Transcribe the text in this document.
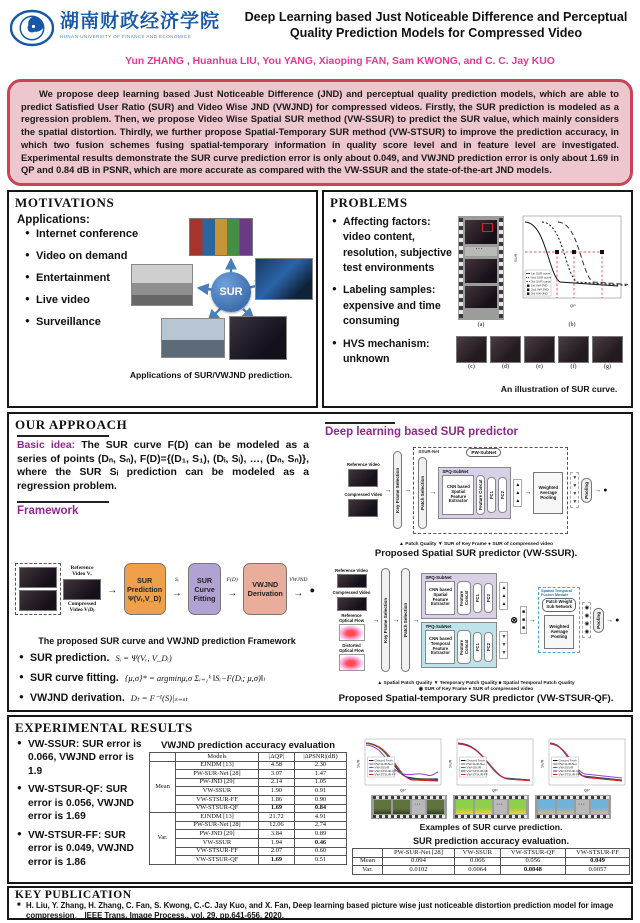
湖南财政经济学院
HUNAN UNIVERSITY OF FINANCE AND ECONOMICS
Deep Learning based Just Noticeable Difference and Perceptual Quality Prediction Models for Compressed Video
Yun ZHANG , Huanhua LIU, You YANG, Xiaoping FAN, Sam KWONG, and C. C. Jay KUO

We propose deep learning based Just Noticeable Difference (JND) and perceptual quality prediction models, which are able to predict Satisfied User Ratio (SUR) and Video Wise JND (VWJND) for compressed videos. Firstly, the SUR prediction is modeled as a regression problem. Then, we propose Video Wise Spatial SUR method (VW-SSUR) to predict the SUR value, which mainly considers the spatial distortion. Thirdly, we further propose Spatial-Temporary SUR method (VW-STSUR) to improve the prediction accuracy, in which two fusion schemes fusing spatial-temporary information in quality score level and in feature level are investigated. Experimental results demonstrate the SUR curve prediction error is only about 0.049, and VWJND prediction error is only about 1.69 in QP and 0.84 dB in PSNR, which are more accurate as compared with the VW-SSUR and the state-of-the-art JND models.

MOTIVATIONS
Applications:
● Internet conference
● Video on demand
● Entertainment
● Live video
● Surveillance
SUR
Applications of SUR/VWJND prediction.
PROBLEMS
● Affecting factors: video content, resolution, subjective test environments
● Labeling samples: expensive and time consuming
● HVS mechanism: unknown
···
(a)
SUR
QP
1st SUR curve
2nd SUR curve
3rd SUR curve
1st VW-JND
2nd VW-JND
3rd VW-JND
(b)
(c)	(d)	(e)	(f)	(g)
An illustration of SUR curve.
OUR APPROACH

Basic idea: The SUR curve F(D) can be modeled as a series of points (Dₙ, Sₙ), F(D)={(D₁, S₁), (Dᵢ, Sᵢ), …, (Dₙ, Sₙ)}, where the SUR Sᵢ prediction can be modeled as a regression problem.

Framework
Reference
Video Vᵣ
Compressed
Video V₍D₎
→
SUR
Prediction
Ψ(Vᵣ,V_D)
Sᵢ
→	SUR
Curve
Fitting
F(D) →	VWJND
Derivation
VWJND
→
●
The proposed SUR curve and VWJND prediction Framework
● SUR prediction. Sᵢ = Ψ(Vᵣ, V_Dᵢ)
● SUR curve fitting. {μ,σ}* = argminμ,σ Σᵢ₌₁ᵏ ‖Sᵢ−F(Dᵢ; μ,σ)‖ₗ
● VWJND derivation. Dₜ = F⁻¹(S)|ₛ₌ₛₜ
Deep learning based SUR predictor
Reference Video
Compressed Video →	Key Frame Selection
→
SSUR-Net	PW-SubNet
Patch Selection
→
SPQ-SubNet
CNN based
Spatial
Feature
Extractor	Feature Concat	FC1	FC2
▲
▲
▲
→
Weighted
Average
Pooling
▼ ▼ ▼
▼	Pooling
→
●
▲ Patch Quality ▼ SUR of Key Frame ● SUR of compressed video
Proposed Spatial SUR predictor (VW-SSUR).
Reference Video
Compressed Video
Reference
Optical Flow
Distorted
Optical Flow
→
Key Frame Selection →	Patch Selection
→
SPQ-SubNet
CNN based
Spatial
Feature
Extractor	Feature Concat	FC1	FC2
▲
▲
▲
TPQ-SubNet
CNN based
Temporal
Feature
Extractor	Feature Concat	FC1	FC2
▼
▼
▼
⊗
■
■
■
→
Spatial Temporal
Fusion Module
Patch Weight
Sub Network
Weighted
Average
Pooling
◉
◉
◉
◉
Pooling
→
●
▲ Spatial Patch Quality ▼ Temporary Patch Quality ■ Spatial Temporal Patch Quality
◉ SUR of Key Frame ● SUR of compressed video
Proposed Spatial-temporary SUR predictor (VW-STSUR-QF).
EXPERIMENTAL RESULTS
● VW-SSUR: SUR error is 0.066, VWJND error is 1.9
● VW-STSUR-QF: SUR error is 0.056, VWJND error is 1.69
● VW-STSUR-FF: SUR error is 0.049, VWJND error is 1.86
VWJND prediction accuracy evaluation
	Models	|ΔQP|	|ΔPSNR|(dB)
Mean	EJNDM [13]	4.58	2.30
	PW-SUR-Net [28]	3.07	1.47
	PW-JND [29]	2.14	1.05
	VW-SSUR	1.90	0.91
	VW-STSUR-FF	1.86	0.90
	VW-STSUR-QF	1.69	0.84
Var.	EJNDM [13]	21.72	4.91
	PW-SUR-Net [28]	12.06	2.74
	PW-JND [29]	3.84	0.89
	VW-SSUR	1.94	0.46
	VW-STSUR-FF	2.07	0.60
	VW-STSUR-QF	1.69	0.51
SUR
QP
Ground Truth
PW-SUR-Net
VW-SSUR
VW-STSUR-QF
VW-STSUR-FF
SUR
QP
Ground Truth
PW-SUR-Net
VW-SSUR
VW-STSUR-QF
VW-STSUR-FF
SUR
QP
Ground Truth
PW-SUR-Net
VW-SSUR
VW-STSUR-QF
VW-STSUR-FF
···
···
···
Examples of SUR curve prediction.
SUR prediction accuracy evaluation.
	PW-SUR-Net [28]	VW-SSUR	VW-STSUR-QF	VW-STSUR-FF
Mean	0.094	0.066	0.056	0.049
Var.	0.0102	0.0064	0.0048	0.0057
KEY PUBLICATION

H. Liu, Y. Zhang, H. Zhang, C. Fan, S. Kwong, C.-C. Jay Kuo, and X. Fan, Deep learning based picture wise just noticeable distortion prediction model for image compression， IEEE Trans. Image Process., vol. 29, pp.641-656, 2020.
